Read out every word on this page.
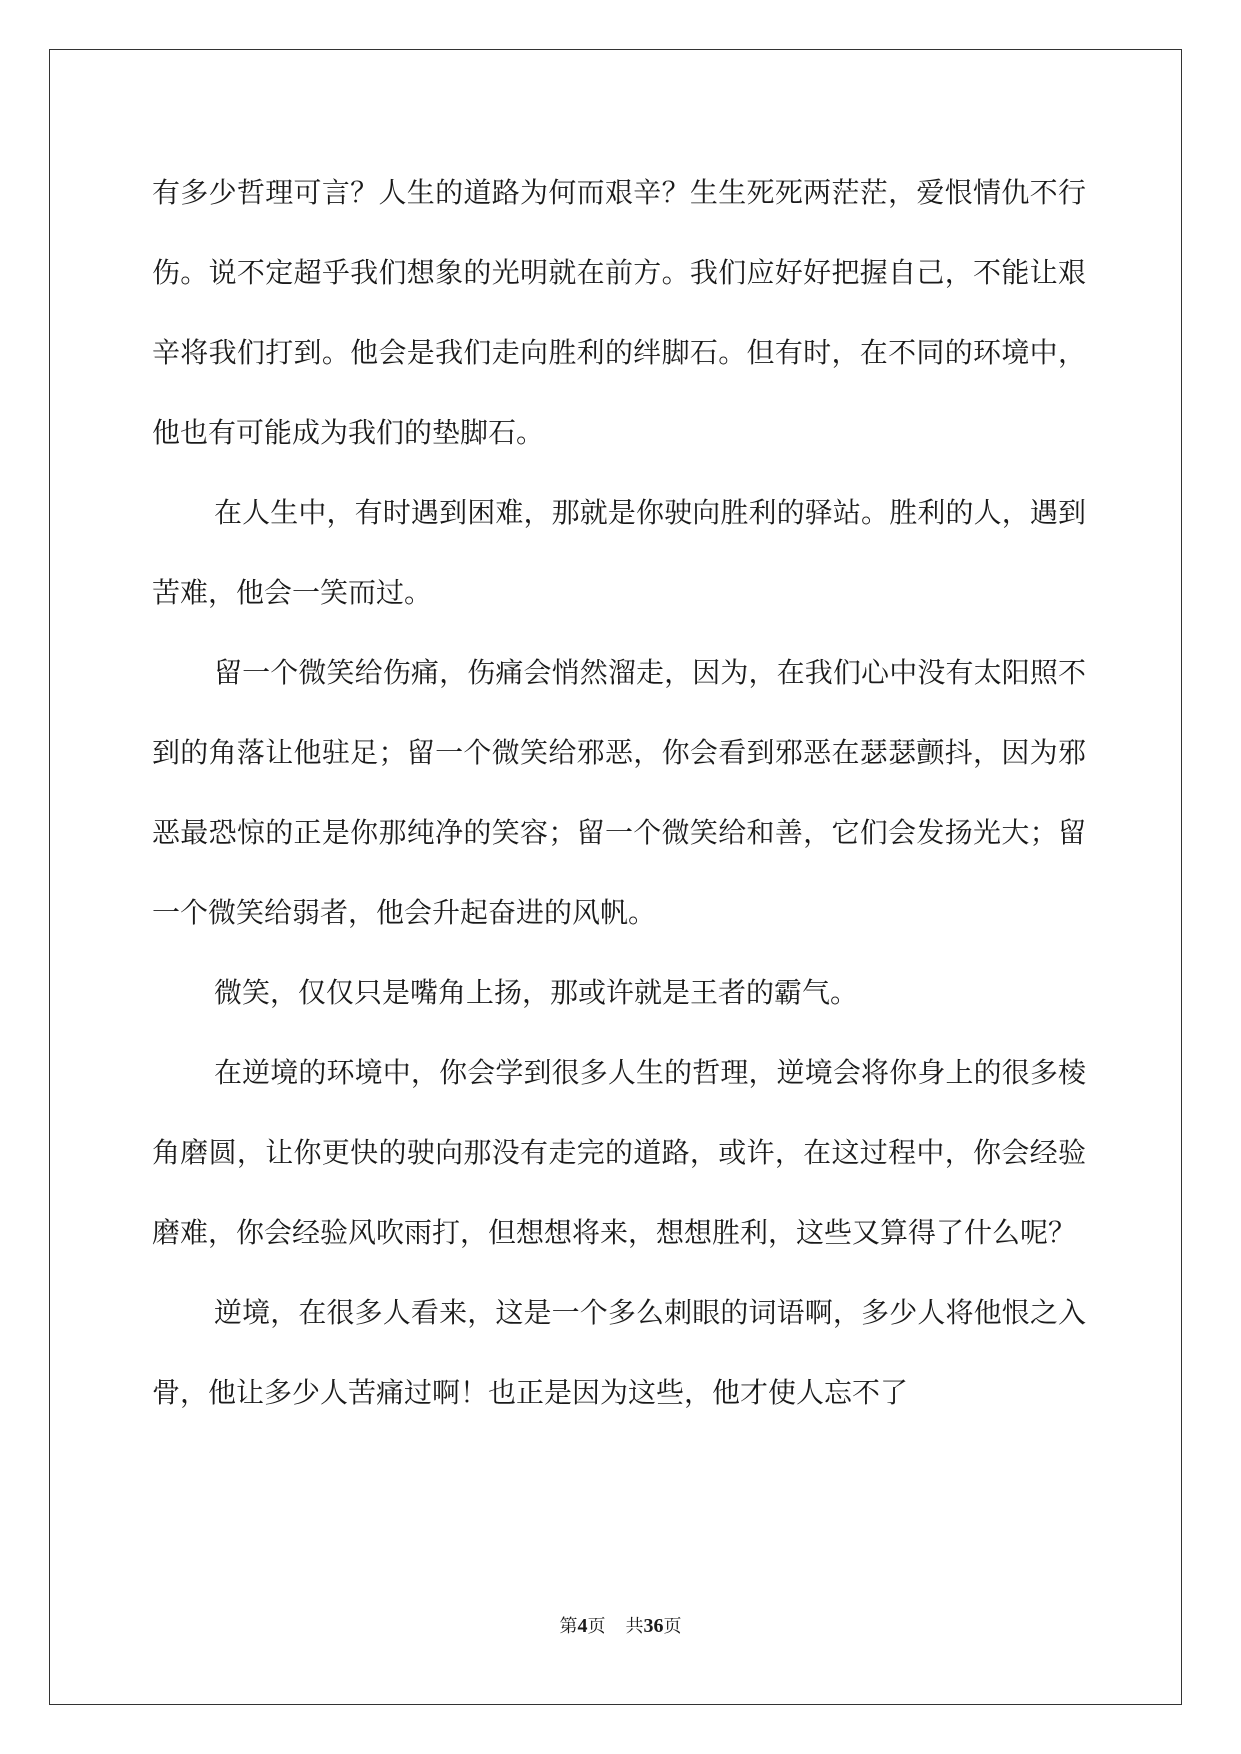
有多少哲理可言？人生的道路为何而艰辛？生生死死两茫茫，爱恨情仇不行伤。说不定超乎我们想象的光明就在前方。我们应好好把握自己，不能让艰辛将我们打到。他会是我们走向胜利的绊脚石。但有时，在不同的环境中，他也有可能成为我们的垫脚石。

在人生中，有时遇到困难，那就是你驶向胜利的驿站。胜利的人，遇到苦难，他会一笑而过。

留一个微笑给伤痛，伤痛会悄然溜走，因为，在我们心中没有太阳照不到的角落让他驻足；留一个微笑给邪恶，你会看到邪恶在瑟瑟颤抖，因为邪恶最恐惊的正是你那纯净的笑容；留一个微笑给和善，它们会发扬光大；留一个微笑给弱者，他会升起奋进的风帆。

微笑，仅仅只是嘴角上扬，那或许就是王者的霸气。

在逆境的环境中，你会学到很多人生的哲理，逆境会将你身上的很多棱角磨圆，让你更快的驶向那没有走完的道路，或许，在这过程中，你会经验磨难，你会经验风吹雨打，但想想将来，想想胜利，这些又算得了什么呢？

逆境，在很多人看来，这是一个多么刺眼的词语啊，多少人将他恨之入骨，他让多少人苦痛过啊！也正是因为这些，他才使人忘不了

第4页 共36页
